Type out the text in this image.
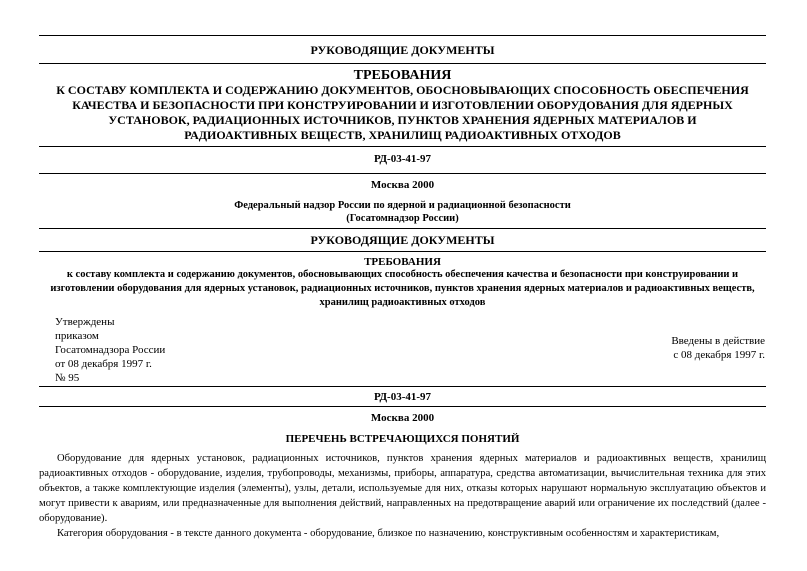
РУКОВОДЯЩИЕ ДОКУМЕНТЫ
ТРЕБОВАНИЯ
К СОСТАВУ КОМПЛЕКТА И СОДЕРЖАНИЮ ДОКУМЕНТОВ, ОБОСНОВЫВАЮЩИХ СПОСОБНОСТЬ ОБЕСПЕЧЕНИЯ КАЧЕСТВА И БЕЗОПАСНОСТИ ПРИ КОНСТРУИРОВАНИИ И ИЗГОТОВЛЕНИИ ОБОРУДОВАНИЯ ДЛЯ ЯДЕРНЫХ УСТАНОВОК, РАДИАЦИОННЫХ ИСТОЧНИКОВ, ПУНКТОВ ХРАНЕНИЯ ЯДЕРНЫХ МАТЕРИАЛОВ И РАДИОАКТИВНЫХ ВЕЩЕСТВ, ХРАНИЛИЩ РАДИОАКТИВНЫХ ОТХОДОВ
РД-03-41-97
Москва 2000
Федеральный надзор России по ядерной и радиационной безопасности
(Госатомнадзор России)
РУКОВОДЯЩИЕ ДОКУМЕНТЫ
ТРЕБОВАНИЯ
к составу комплекта и содержанию документов, обосновывающих способность обеспечения качества и безопасности при конструировании и изготовлении оборудования для ядерных установок, радиационных источников, пунктов хранения ядерных материалов и радиоактивных веществ, хранилищ радиоактивных отходов
Утверждены
приказом
Госатомнадзора России
от 08 декабря 1997 г.
№ 95
Введены в действие
с 08 декабря 1997 г.
РД-03-41-97
Москва 2000
ПЕРЕЧЕНЬ ВСТРЕЧАЮЩИХСЯ ПОНЯТИЙ

Оборудование для ядерных установок, радиационных источников, пунктов хранения ядерных материалов и радиоактивных веществ, хранилищ радиоактивных отходов - оборудование, изделия, трубопроводы, механизмы, приборы, аппаратура, средства автоматизации, вычислительная техника для этих объектов, а также комплектующие изделия (элементы), узлы, детали, используемые для них, отказы которых нарушают нормальную эксплуатацию объектов и могут привести к авариям, или предназначенные для выполнения действий, направленных на предотвращение аварий или ограничение их последствий (далее - оборудование).

Категория оборудования - в тексте данного документа - оборудование, близкое по назначению, конструктивным особенностям и характеристикам,
